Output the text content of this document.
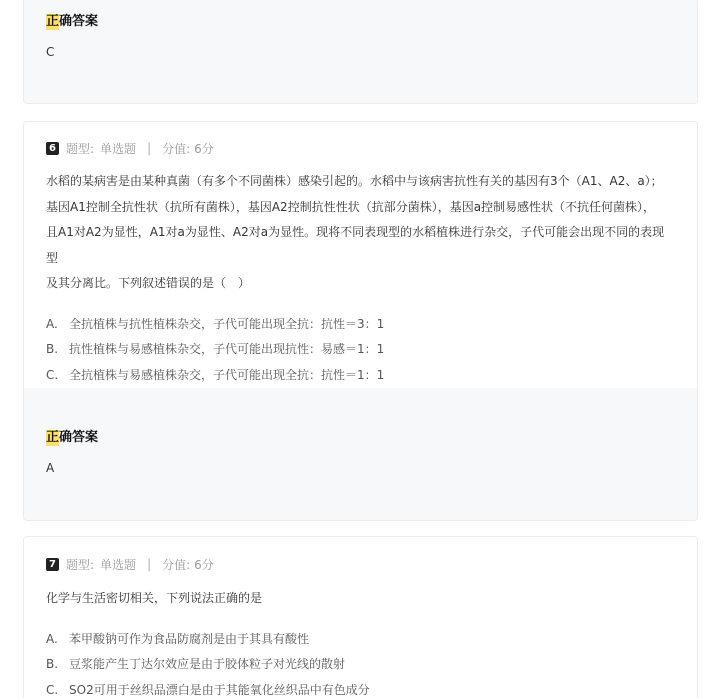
正确答案
C
6 题型: 单选题 | 分值: 6分
水稻的某病害是由某种真菌（有多个不同菌株）感染引起的。水稻中与该病害抗性有关的基因有3个（A1、A2、a）；
基因A1控制全抗性状（抗所有菌株），基因A2控制抗性性状（抗部分菌株），基因a控制易感性状（不抗任何菌株），
且A1对A2为显性，A1对a为显性、A2对a为显性。现将不同表现型的水稻植株进行杂交，子代可能会出现不同的表现型
及其分离比。下列叙述错误的是（　）
A. 全抗植株与抗性植株杂交，子代可能出现全抗：抗性＝3：1
B. 抗性植株与易感植株杂交，子代可能出现抗性：易感＝1：1
C. 全抗植株与易感植株杂交，子代可能出现全抗：抗性＝1：1
正确答案
A
7 题型: 单选题 | 分值: 6分
化学与生活密切相关，下列说法正确的是
A. 苯甲酸钠可作为食品防腐剂是由于其具有酸性
B. 豆浆能产生丁达尔效应是由于胶体粒子对光线的散射
C. SO2可用于丝织品漂白是由于其能氧化丝织品中有色成分
